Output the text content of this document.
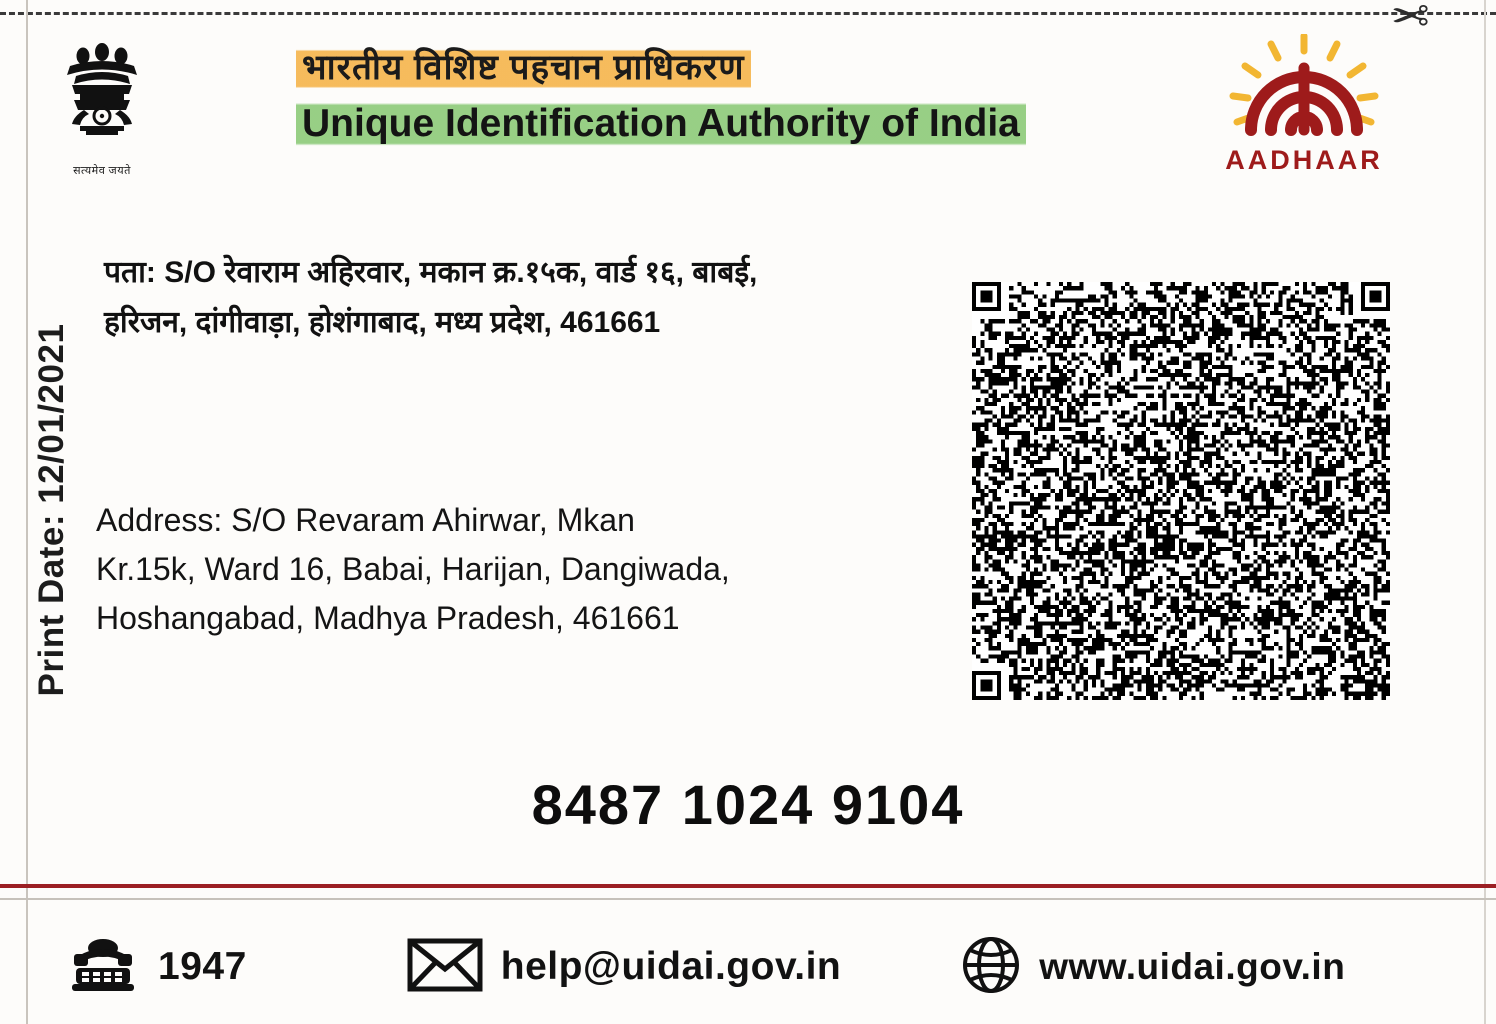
✂
सत्यमेव जयते
भारतीय विशिष्ट पहचान प्राधिकरण
Unique Identification Authority of India
AADHAAR
Print Date: 12/01/2021
पता: S/O रेवाराम अहिरवार, मकान क्र.१५क, वार्ड १६, बाबई,
हरिजन, दांगीवाड़ा, होशंगाबाद, मध्य प्रदेश, 461661
Address: S/O Revaram Ahirwar, Mkan
Kr.15k, Ward 16, Babai, Harijan, Dangiwada,
Hoshangabad, Madhya Pradesh, 461661
8487 1024 9104
1947	help@uidai.gov.in	www.uidai.gov.in
